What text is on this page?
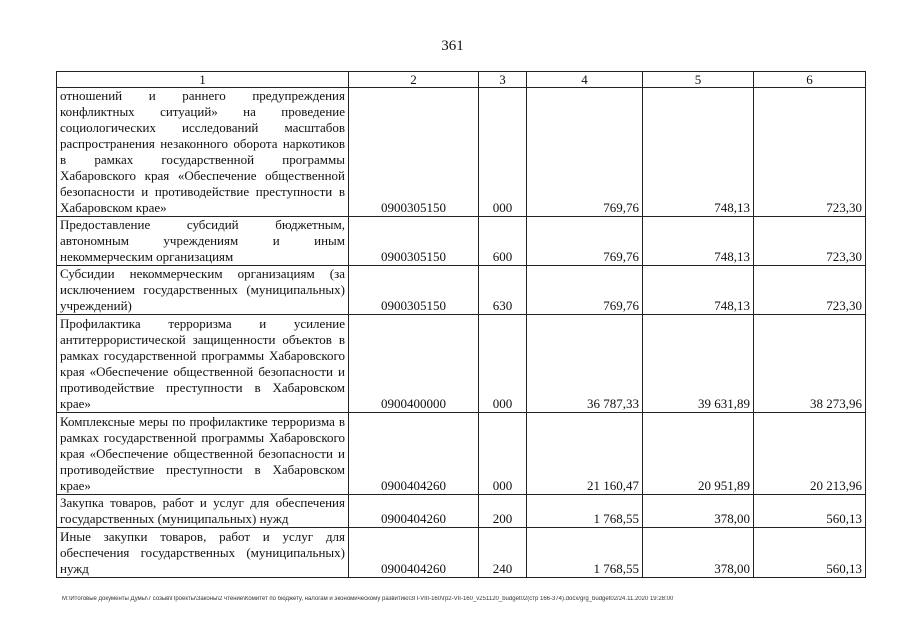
361
1	2	3	4	5	6
отношений и раннего предупреждения конфликтных ситуаций» на проведение социологических исследований масштабов распространения незаконного оборота наркотиков в рамках государственной программы Хабаровского края «Обеспечение общественной безопасности и противодействие преступности в Хабаровском крае»	0900305150	000	769,76	748,13	723,30
Предоставление субсидий бюджетным, автономным учреждениям и иным некоммерческим организациям	0900305150	600	769,76	748,13	723,30
Субсидии некоммерческим организациям (за исключением государственных (муниципальных) учреждений)	0900305150	630	769,76	748,13	723,30
Профилактика терроризма и усиление антитеррористической защищенности объектов в рамках государственной программы Хабаровского края «Обеспечение общественной безопасности и противодействие преступности в Хабаровском крае»	0900400000	000	36 787,33	39 631,89	38 273,96
Комплексные меры по профилактике терроризма в рамках государственной программы Хабаровского края «Обеспечение общественной безопасности и противодействие преступности в Хабаровском крае»	0900404260	000	21 160,47	20 951,89	20 213,96
Закупка товаров, работ и услуг для обеспечения государственных (муниципальных) нужд	0900404260	200	1 768,55	378,00	560,13
Иные закупки товаров, работ и услуг для обеспечения государственных (муниципальных) нужд	0900404260	240	1 768,55	378,00	560,13
M:\Итоговые документы Думы\7 созыв\Проекты\Законы\2 чтение\Комитет по бюджету, налогам и экономическому развитию\ЗП-VIII-160\гр2-VII-160_v251120_budget02(стр 166-374).docx/grg_budget02/24.11.2020 19:28:00
